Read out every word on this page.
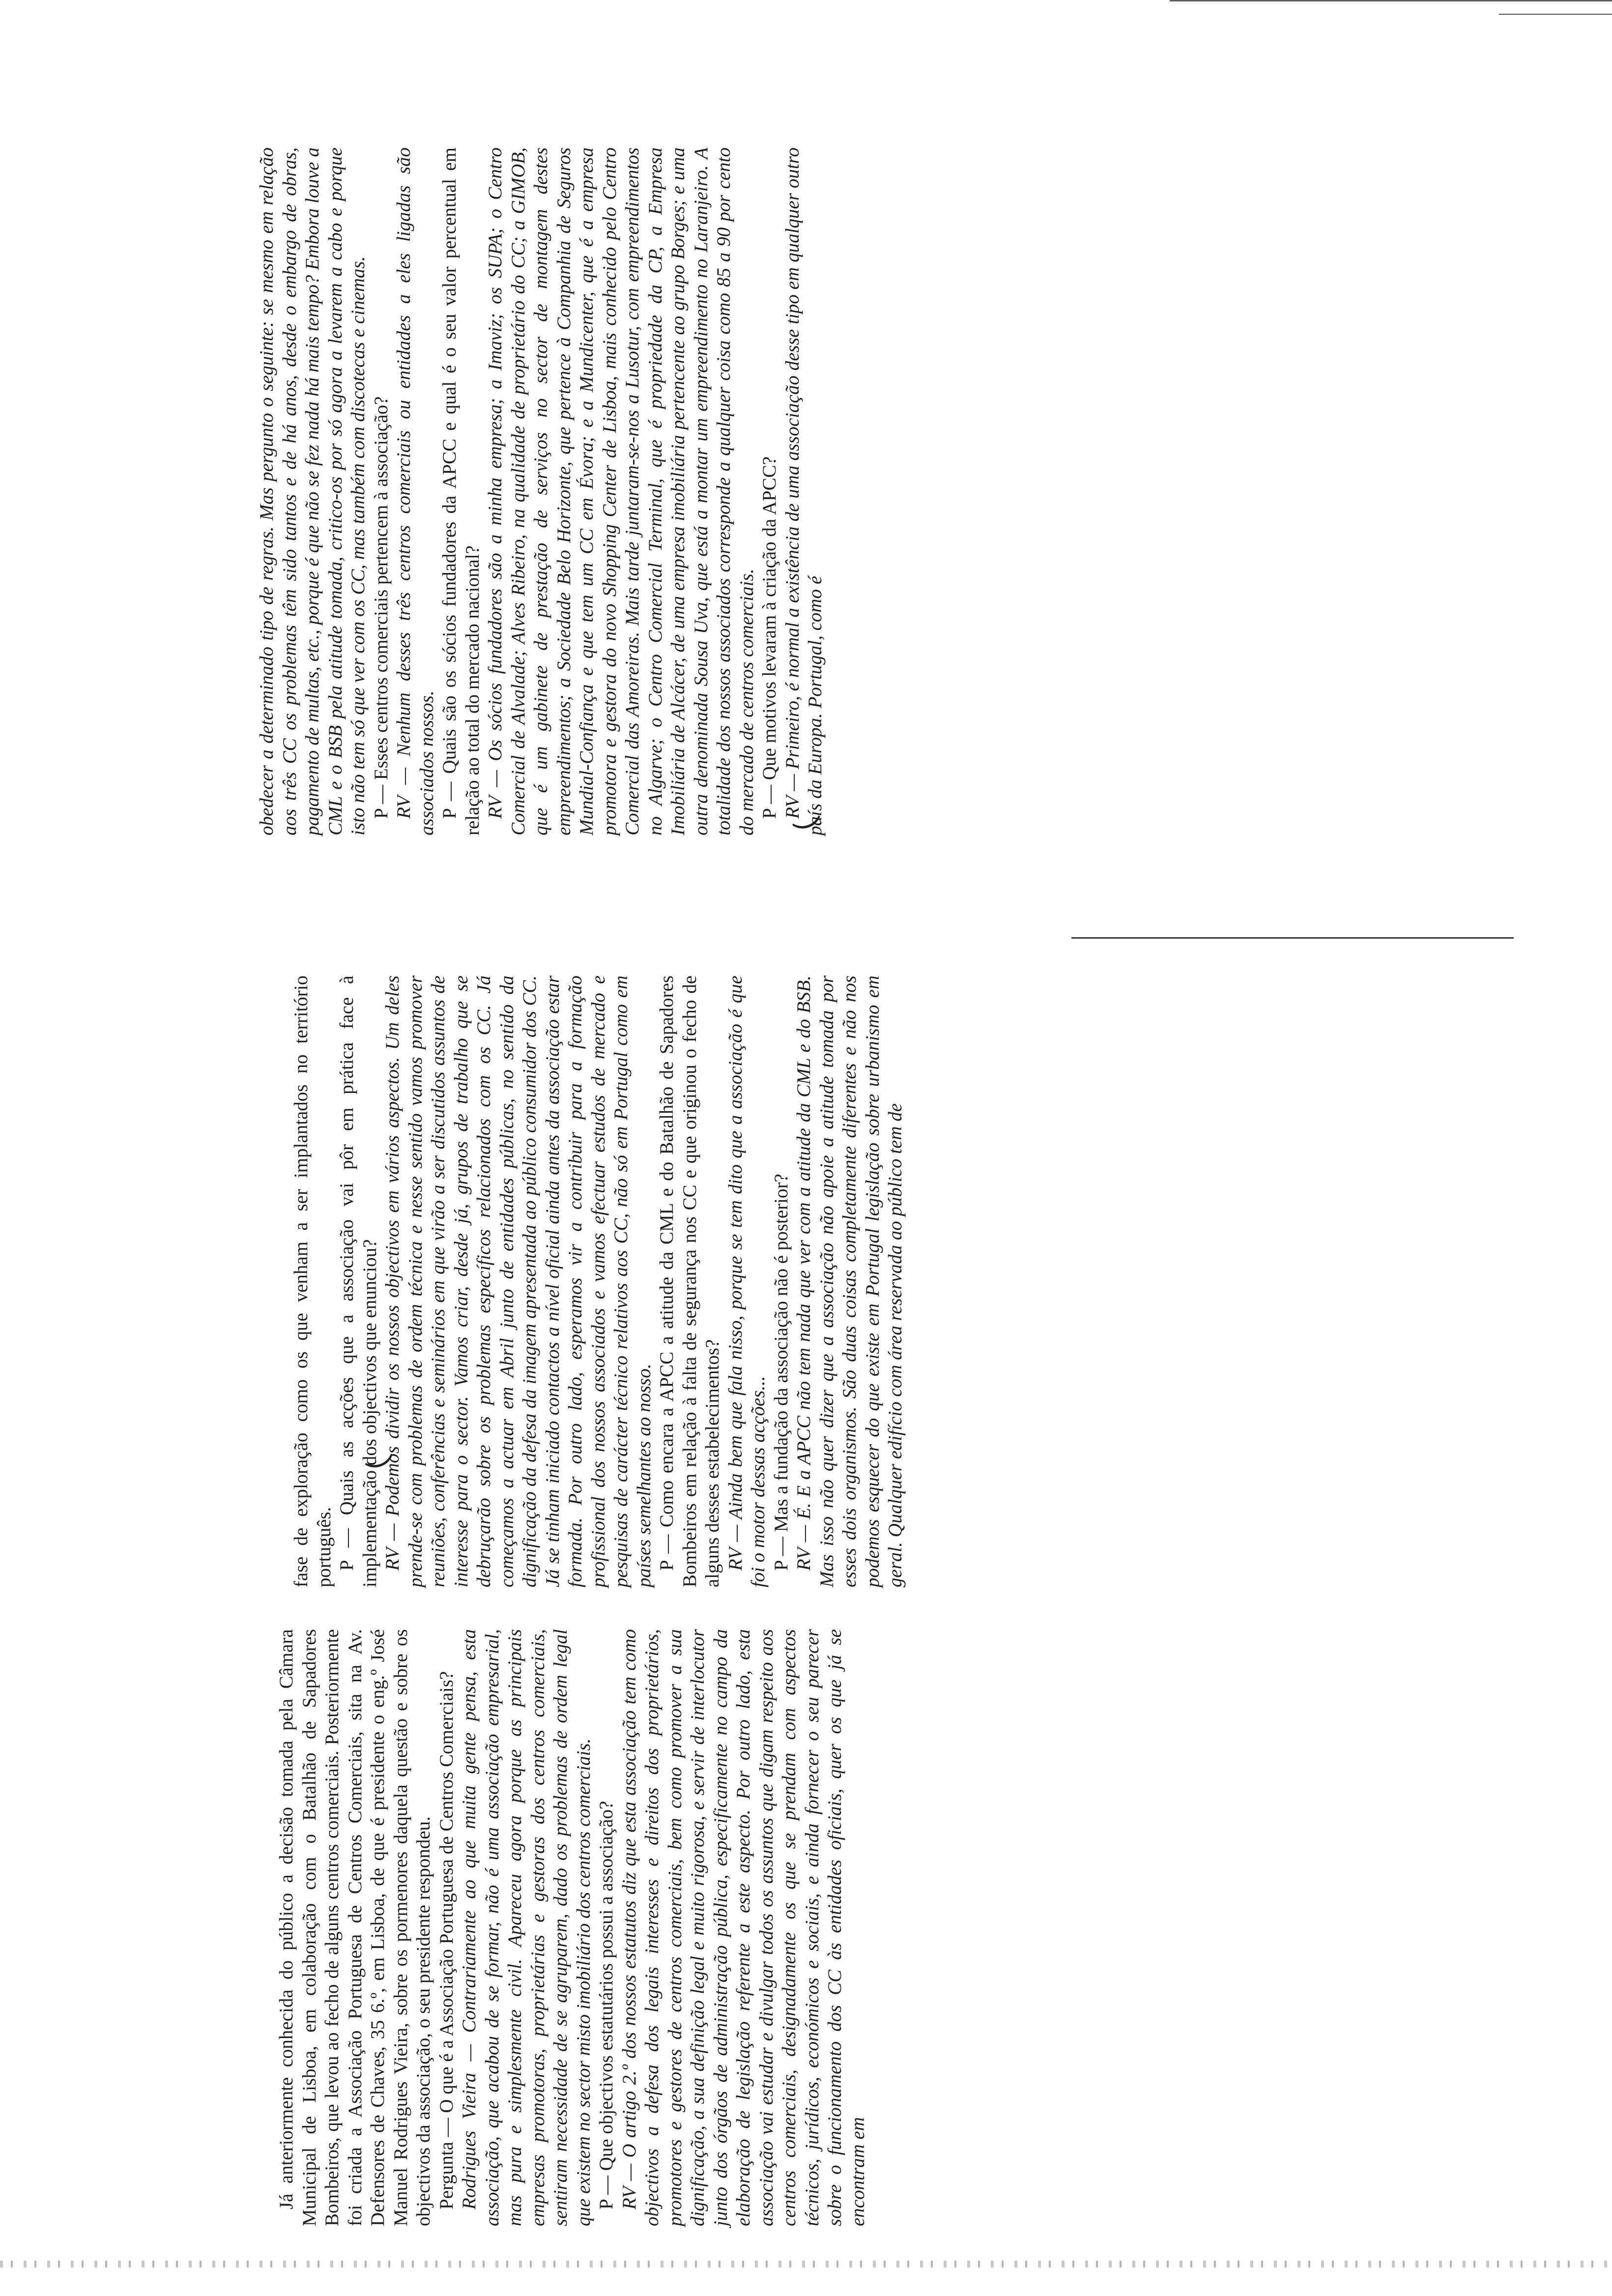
Já anteriormente conhecida do público a decisão tomada pela Câmara Municipal de Lisboa, em colaboração com o Batalhão de Sapadores Bombeiros, que levou ao fecho de alguns centros comerciais. Posteriormente foi criada a Associação Portuguesa de Centros Comerciais, sita na Av. Defensores de Chaves, 35 6.º, em Lisboa, de que é presidente o eng.º José Manuel Rodrigues Vieira, sobre os pormenores daquela questão e sobre os objectivos da associação, o seu presidente respondeu. Pergunta — O que é a Associação Portuguesa de Centros Comerciais? Rodrigues Vieira — Contrariamente ao que muita gente pensa, esta associação, que acabou de se formar, não é uma associação empresarial, mas pura e simplesmente civil. Apareceu agora porque as principais empresas promotoras, proprietárias e gestoras dos centros comerciais, sentiram necessidade de se agruparem, dado os problemas de ordem legal que existem no sector misto imobiliário dos centros comerciais. P — Que objectivos estatutários possui a associação? RV — O artigo 2.º dos nossos estatutos diz que esta associação tem como objectivos a defesa dos legais interesses e direitos dos proprietários, promotores e gestores de centros comerciais, bem como promover a sua dignificação, a sua definição legal e muito rigorosa, e servir de interlocutor junto dos órgãos de administração pública, especificamente no campo da elaboração de legislação referente a este aspecto. Por outro lado, esta associação vai estudar e divulgar todos os assuntos que digam respeito aos centros comerciais, designadamente os que se prendam com aspectos técnicos, jurídicos, económicos e sociais, e ainda fornecer o seu parecer sobre o funcionamento dos CC às entidades oficiais, quer os que já se encontram em

fase de exploração como os que venham a ser implantados no território português. P — Quais as acções que a associação vai pôr em prática face à implementação dos objectivos que enunciou? RV — Podemos dividir os nossos objectivos em vários aspectos. Um deles prende-se com problemas de ordem técnica e nesse sentido vamos promover reuniões, conferências e seminários em que virão a ser discutidos assuntos de interesse para o sector. Vamos criar, desde já, grupos de trabalho que se debruçarão sobre os problemas específicos relacionados com os CC. Já começamos a actuar em Abril junto de entidades públicas, no sentido da dignificação da defesa da imagem apresentada ao público consumidor dos CC. Já se tinham iniciado contactos a nível oficial ainda antes da associação estar formada. Por outro lado, esperamos vir a contribuir para a formação profissional dos nossos associados e vamos efectuar estudos de mercado e pesquisas de carácter técnico relativos aos CC, não só em Portugal como em países semelhantes ao nosso. P — Como encara a APCC a atitude da CML e do Batalhão de Sapadores Bombeiros em relação à falta de segurança nos CC e que originou o fecho de alguns desses estabelecimentos? RV — Ainda bem que fala nisso, porque se tem dito que a associação é que foi o motor dessas acções... P — Mas a fundação da associação não é posterior? RV — É. E a APCC não tem nada que ver com a atitude da CML e do BSB. Mas isso não quer dizer que a associação não apoie a atitude tomada por esses dois organismos. São duas coisas completamente diferentes e não nos podemos esquecer do que existe em Portugal legislação sobre urbanismo em geral. Qualquer edifício com área reservada ao público tem de

obedecer a determinado tipo de regras. Mas pergunto o seguinte: se mesmo em relação aos três CC os problemas têm sido tantos e de há anos, desde o embargo de obras, pagamento de multas, etc., porque é que não se fez nada há mais tempo? Embora louve a CML e o BSB pela atitude tomada, critico-os por só agora a levarem a cabo e porque isto não tem só que ver com os CC, mas também com discotecas e cinemas. P — Esses centros comerciais pertencem à associação? RV — Nenhum desses três centros comerciais ou entidades a eles ligadas são associados nossos. P — Quais são os sócios fundadores da APCC e qual é o seu valor percentual em relação ao total do mercado nacional? RV — Os sócios fundadores são a minha empresa; a Imaviz; os SUPA; o Centro Comercial de Alvalade; Alves Ribeiro, na qualidade de proprietário do CC; a GIMOB, que é um gabinete de prestação de serviços no sector de montagem destes empreendimentos; a Sociedade Belo Horizonte, que pertence à Companhia de Seguros Mundial-Confiança e que tem um CC em Évora; e a Mundicenter, que é a empresa promotora e gestora do novo Shopping Center de Lisboa, mais conhecido pelo Centro Comercial das Amoreiras. Mais tarde juntaram-se-nos a Lusotur, com empreendimentos no Algarve; o Centro Comercial Terminal, que é propriedade da CP, a Empresa Imobiliária de Alcácer, de uma empresa imobiliária pertencente ao grupo Borges; e uma outra denominada Sousa Uva, que está a montar um empreendimento no Laranjeiro. A totalidade dos nossos associados corresponde a qualquer coisa como 85 a 90 por cento do mercado de centros comerciais. P — Que motivos levaram à criação da APCC? RV — Primeiro, é normal a existência de uma associação desse tipo em qualquer outro país da Europa. Portugal, como é
